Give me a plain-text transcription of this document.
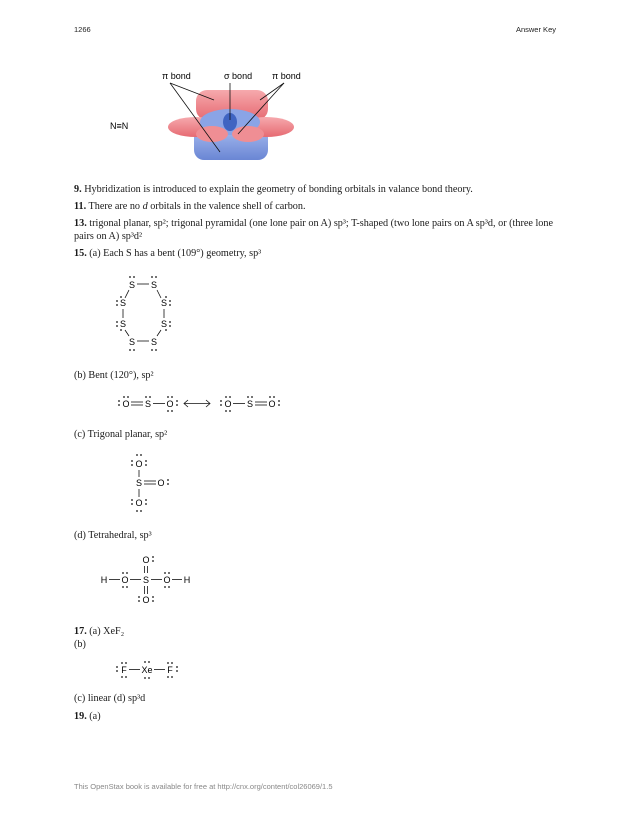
1266	Answer Key
π bond	σ bond π bond
N≡N
9. Hybridization is introduced to explain the geometry of bonding orbitals in valance bond theory.
11. There are no d orbitals in the valence shell of carbon.
13. trigonal planar, sp²; trigonal pyramidal (one lone pair on A) sp³; T-shaped (two lone pairs on A sp³d, or (three lone pairs on A) sp³d²
15. (a) Each S has a bent (109°) geometry, sp³
S S
S	S
S	S
S S
(b) Bent (120°), sp²
O S O	O S O
(c) Trigonal planar, sp²
O
S O
O
(d) Tetrahedral, sp³
H O S
O
O
O H
17. (a) XeF₂
(b)
F Xe F
(c) linear (d) sp³d
19. (a)
This OpenStax book is available for free at http://cnx.org/content/col26069/1.5
